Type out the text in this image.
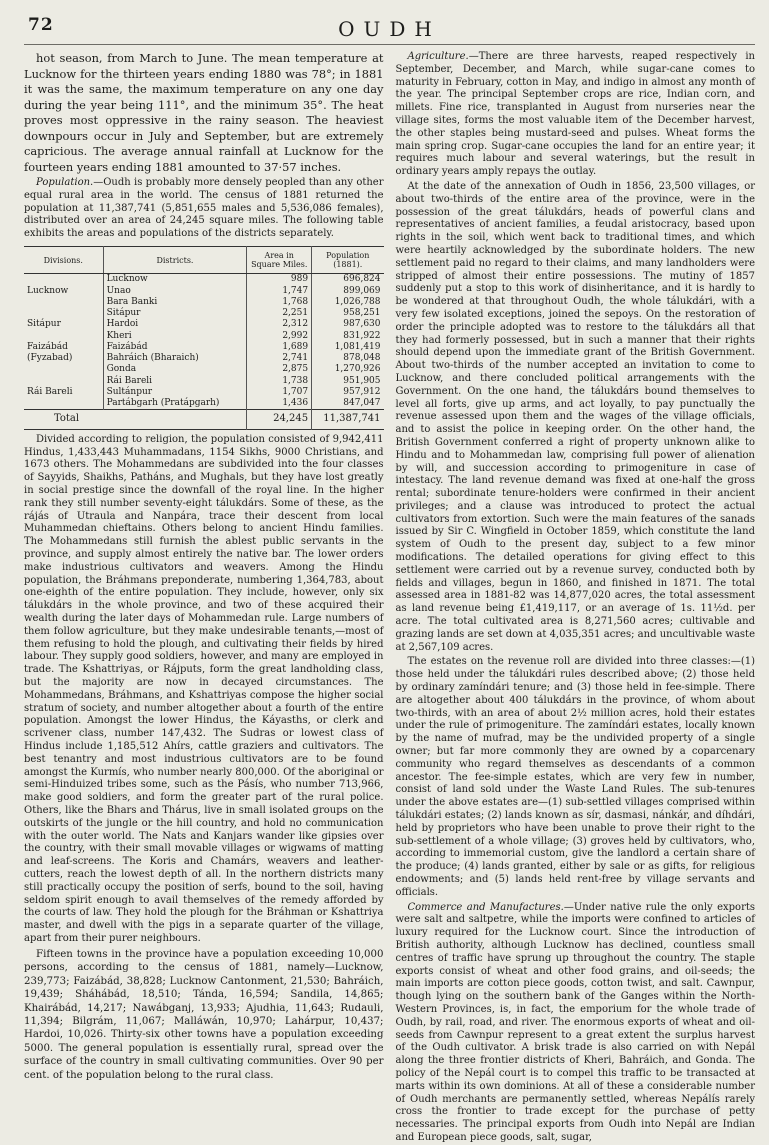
72	OUDH

hot season, from March to June. The mean temperature at Lucknow for the thirteen years ending 1880 was 78°; in 1881 it was the same, the maximum temperature on any one day during the year being 111°, and the minimum 35°. The heat proves most oppressive in the rainy season. The heaviest downpours occur in July and September, but are extremely capricious. The average annual rainfall at Lucknow for the fourteen years ending 1881 amounted to 37·57 inches.

Population.—Oudh is probably more densely peopled than any other equal rural area in the world. The census of 1881 returned the population at 11,387,741 (5,851,655 males and 5,536,086 females), distributed over an area of 24,245 square miles. The following table exhibits the areas and populations of the districts separately.

Divisions.	Districts.	Area in Square Miles.	Population (1881).
	Lucknow	989	696,824
Lucknow	Unao	1,747	899,069
	Bara Banki	1,768	1,026,788
	Sitápur	2,251	958,251
Sitápur	Hardoi	2,312	987,630
	Kheri	2,992	831,922
Faizábád	Faizábád	1,689	1,081,419
(Fyzabad)	Bahráich (Bharaich)	2,741	878,048
	Gonda	2,875	1,270,926
	Rái Bareli	1,738	951,905
Rái Bareli	Sultánpur	1,707	957,912
	Partábgarh (Pratápgarh)	1,436	847,047
Total		24,245	11,387,741

Divided according to religion, the population consisted of 9,942,411 Hindus, 1,433,443 Muhammadans, 1154 Sikhs, 9000 Christians, and 1673 others. The Mohammedans are subdivided into the four classes of Sayyids, Shaikhs, Patháns, and Mughals, but they have lost greatly in social prestige since the downfall of the royal line. In the higher rank they still number seventy-eight tálukdárs. Some of these, as the rájás of Utraula and Nanpára, trace their descent from local Muhammedan chieftains. Others belong to ancient Hindu families. The Mohammedans still furnish the ablest public servants in the province, and supply almost entirely the native bar. The lower orders make industrious cultivators and weavers. Among the Hindu population, the Bráhmans preponderate, numbering 1,364,783, about one-eighth of the entire population. They include, however, only six tálukdárs in the whole province, and two of these acquired their wealth during the later days of Mohammedan rule. Large numbers of them follow agriculture, but they make undesirable tenants,—most of them refusing to hold the plough, and cultivating their fields by hired labour. They supply good soldiers, however, and many are employed in trade. The Kshattriyas, or Rájputs, form the great landholding class, but the majority are now in decayed circumstances. The Mohammedans, Bráhmans, and Kshattriyas compose the higher social stratum of society, and number altogether about a fourth of the entire population. Amongst the lower Hindus, the Káyasths, or clerk and scrivener class, number 147,432. The Sudras or lowest class of Hindus include 1,185,512 Ahírs, cattle graziers and cultivators. The best tenantry and most industrious cultivators are to be found amongst the Kurmís, who number nearly 800,000. Of the aboriginal or semi-Hinduized tribes some, such as the Pásís, who number 713,966, make good soldiers, and form the greater part of the rural police. Others, like the Bhars and Thárus, live in small isolated groups on the outskirts of the jungle or the hill country, and hold no communication with the outer world. The Nats and Kanjars wander like gipsies over the country, with their small movable villages or wigwams of matting and leaf-screens. The Koris and Chamárs, weavers and leather-cutters, reach the lowest depth of all. In the northern districts many still practically occupy the position of serfs, bound to the soil, having seldom spirit enough to avail themselves of the remedy afforded by the courts of law. They hold the plough for the Bráhman or Kshattriya master, and dwell with the pigs in a separate quarter of the village, apart from their purer neighbours.

Fifteen towns in the province have a population exceeding 10,000 persons, according to the census of 1881, namely—Lucknow, 239,773; Faizábád, 38,828; Lucknow Cantonment, 21,530; Bahráich, 19,439; Sháhábád, 18,510; Tánda, 16,594; Sandila, 14,865; Khairábád, 14,217; Nawábganj, 13,933; Ajudhia, 11,643; Rudauli, 11,394; Bilgrám, 11,067; Malláwán, 10,970; Lahárpur, 10,437; Hardoi, 10,026. Thirty-six other towns have a population exceeding 5000. The general population is essentially rural, spread over the surface of the country in small cultivating communities. Over 90 per cent. of the population belong to the rural class.

Agriculture.—There are three harvests, reaped respectively in September, December, and March, while sugar-cane comes to maturity in February, cotton in May, and indigo in almost any month of the year. The principal September crops are rice, Indian corn, and millets. Fine rice, transplanted in August from nurseries near the village sites, forms the most valuable item of the December harvest, the other staples being mustard-seed and pulses. Wheat forms the main spring crop. Sugar-cane occupies the land for an entire year; it requires much labour and several waterings, but the result in ordinary years amply repays the outlay.

At the date of the annexation of Oudh in 1856, 23,500 villages, or about two-thirds of the entire area of the province, were in the possession of the great tálukdárs, heads of powerful clans and representatives of ancient families, a feudal aristocracy, based upon rights in the soil, which went back to traditional times, and which were heartily acknowledged by the subordinate holders. The new settlement paid no regard to their claims, and many landholders were stripped of almost their entire possessions. The mutiny of 1857 suddenly put a stop to this work of disinheritance, and it is hardly to be wondered at that throughout Oudh, the whole tálukdári, with a very few isolated exceptions, joined the sepoys. On the restoration of order the principle adopted was to restore to the tálukdárs all that they had formerly possessed, but in such a manner that their rights should depend upon the immediate grant of the British Government. About two-thirds of the number accepted an invitation to come to Lucknow, and there concluded political arrangements with the Government. On the one hand, the tálukdárs bound themselves to level all forts, give up arms, and act loyally, to pay punctually the revenue assessed upon them and the wages of the village officials, and to assist the police in keeping order. On the other hand, the British Government conferred a right of property unknown alike to Hindu and to Mohammedan law, comprising full power of alienation by will, and succession according to primogeniture in case of intestacy. The land revenue demand was fixed at one-half the gross rental; subordinate tenure-holders were confirmed in their ancient privileges; and a clause was introduced to protect the actual cultivators from extortion. Such were the main features of the sanads issued by Sir C. Wingfield in October 1859, which constitute the land system of Oudh to the present day, subject to a few minor modifications. The detailed operations for giving effect to this settlement were carried out by a revenue survey, conducted both by fields and villages, begun in 1860, and finished in 1871. The total assessed area in 1881-82 was 14,877,020 acres, the total assessment as land revenue being £1,419,117, or an average of 1s. 11½d. per acre. The total cultivated area is 8,271,560 acres; cultivable and grazing lands are set down at 4,035,351 acres; and uncultivable waste at 2,567,109 acres.

The estates on the revenue roll are divided into three classes:—(1) those held under the tálukdári rules described above; (2) those held by ordinary zamíndári tenure; and (3) those held in fee-simple. There are altogether about 400 tálukdárs in the province, of whom about two-thirds, with an area of about 2½ million acres, hold their estates under the rule of primogeniture. The zamíndári estates, locally known by the name of mufrad, may be the undivided property of a single owner; but far more commonly they are owned by a coparcenary community who regard themselves as descendants of a common ancestor. The fee-simple estates, which are very few in number, consist of land sold under the Waste Land Rules. The sub-tenures under the above estates are—(1) sub-settled villages comprised within tálukdári estates; (2) lands known as sír, dasmasi, nánkár, and díhdári, held by proprietors who have been unable to prove their right to the sub-settlement of a whole village; (3) groves held by cultivators, who, according to immemorial custom, give the landlord a certain share of the produce; (4) lands granted, either by sale or as gifts, for religious endowments; and (5) lands held rent-free by village servants and officials.

Commerce and Manufactures.—Under native rule the only exports were salt and saltpetre, while the imports were confined to articles of luxury required for the Lucknow court. Since the introduction of British authority, although Lucknow has declined, countless small centres of traffic have sprung up throughout the country. The staple exports consist of wheat and other food grains, and oil-seeds; the main imports are cotton piece goods, cotton twist, and salt. Cawnpur, though lying on the southern bank of the Ganges within the North-Western Provinces, is, in fact, the emporium for the whole trade of Oudh, by rail, road, and river. The enormous exports of wheat and oil-seeds from Cawnpur represent to a great extent the surplus harvest of the Oudh cultivator. A brisk trade is also carried on with Nepál along the three frontier districts of Kheri, Bahráich, and Gonda. The policy of the Nepál court is to compel this traffic to be transacted at marts within its own dominions. At all of these a considerable number of Oudh merchants are permanently settled, whereas Nepálís rarely cross the frontier to trade except for the purchase of petty necessaries. The principal exports from Oudh into Nepál are Indian and European piece goods, salt, sugar,
